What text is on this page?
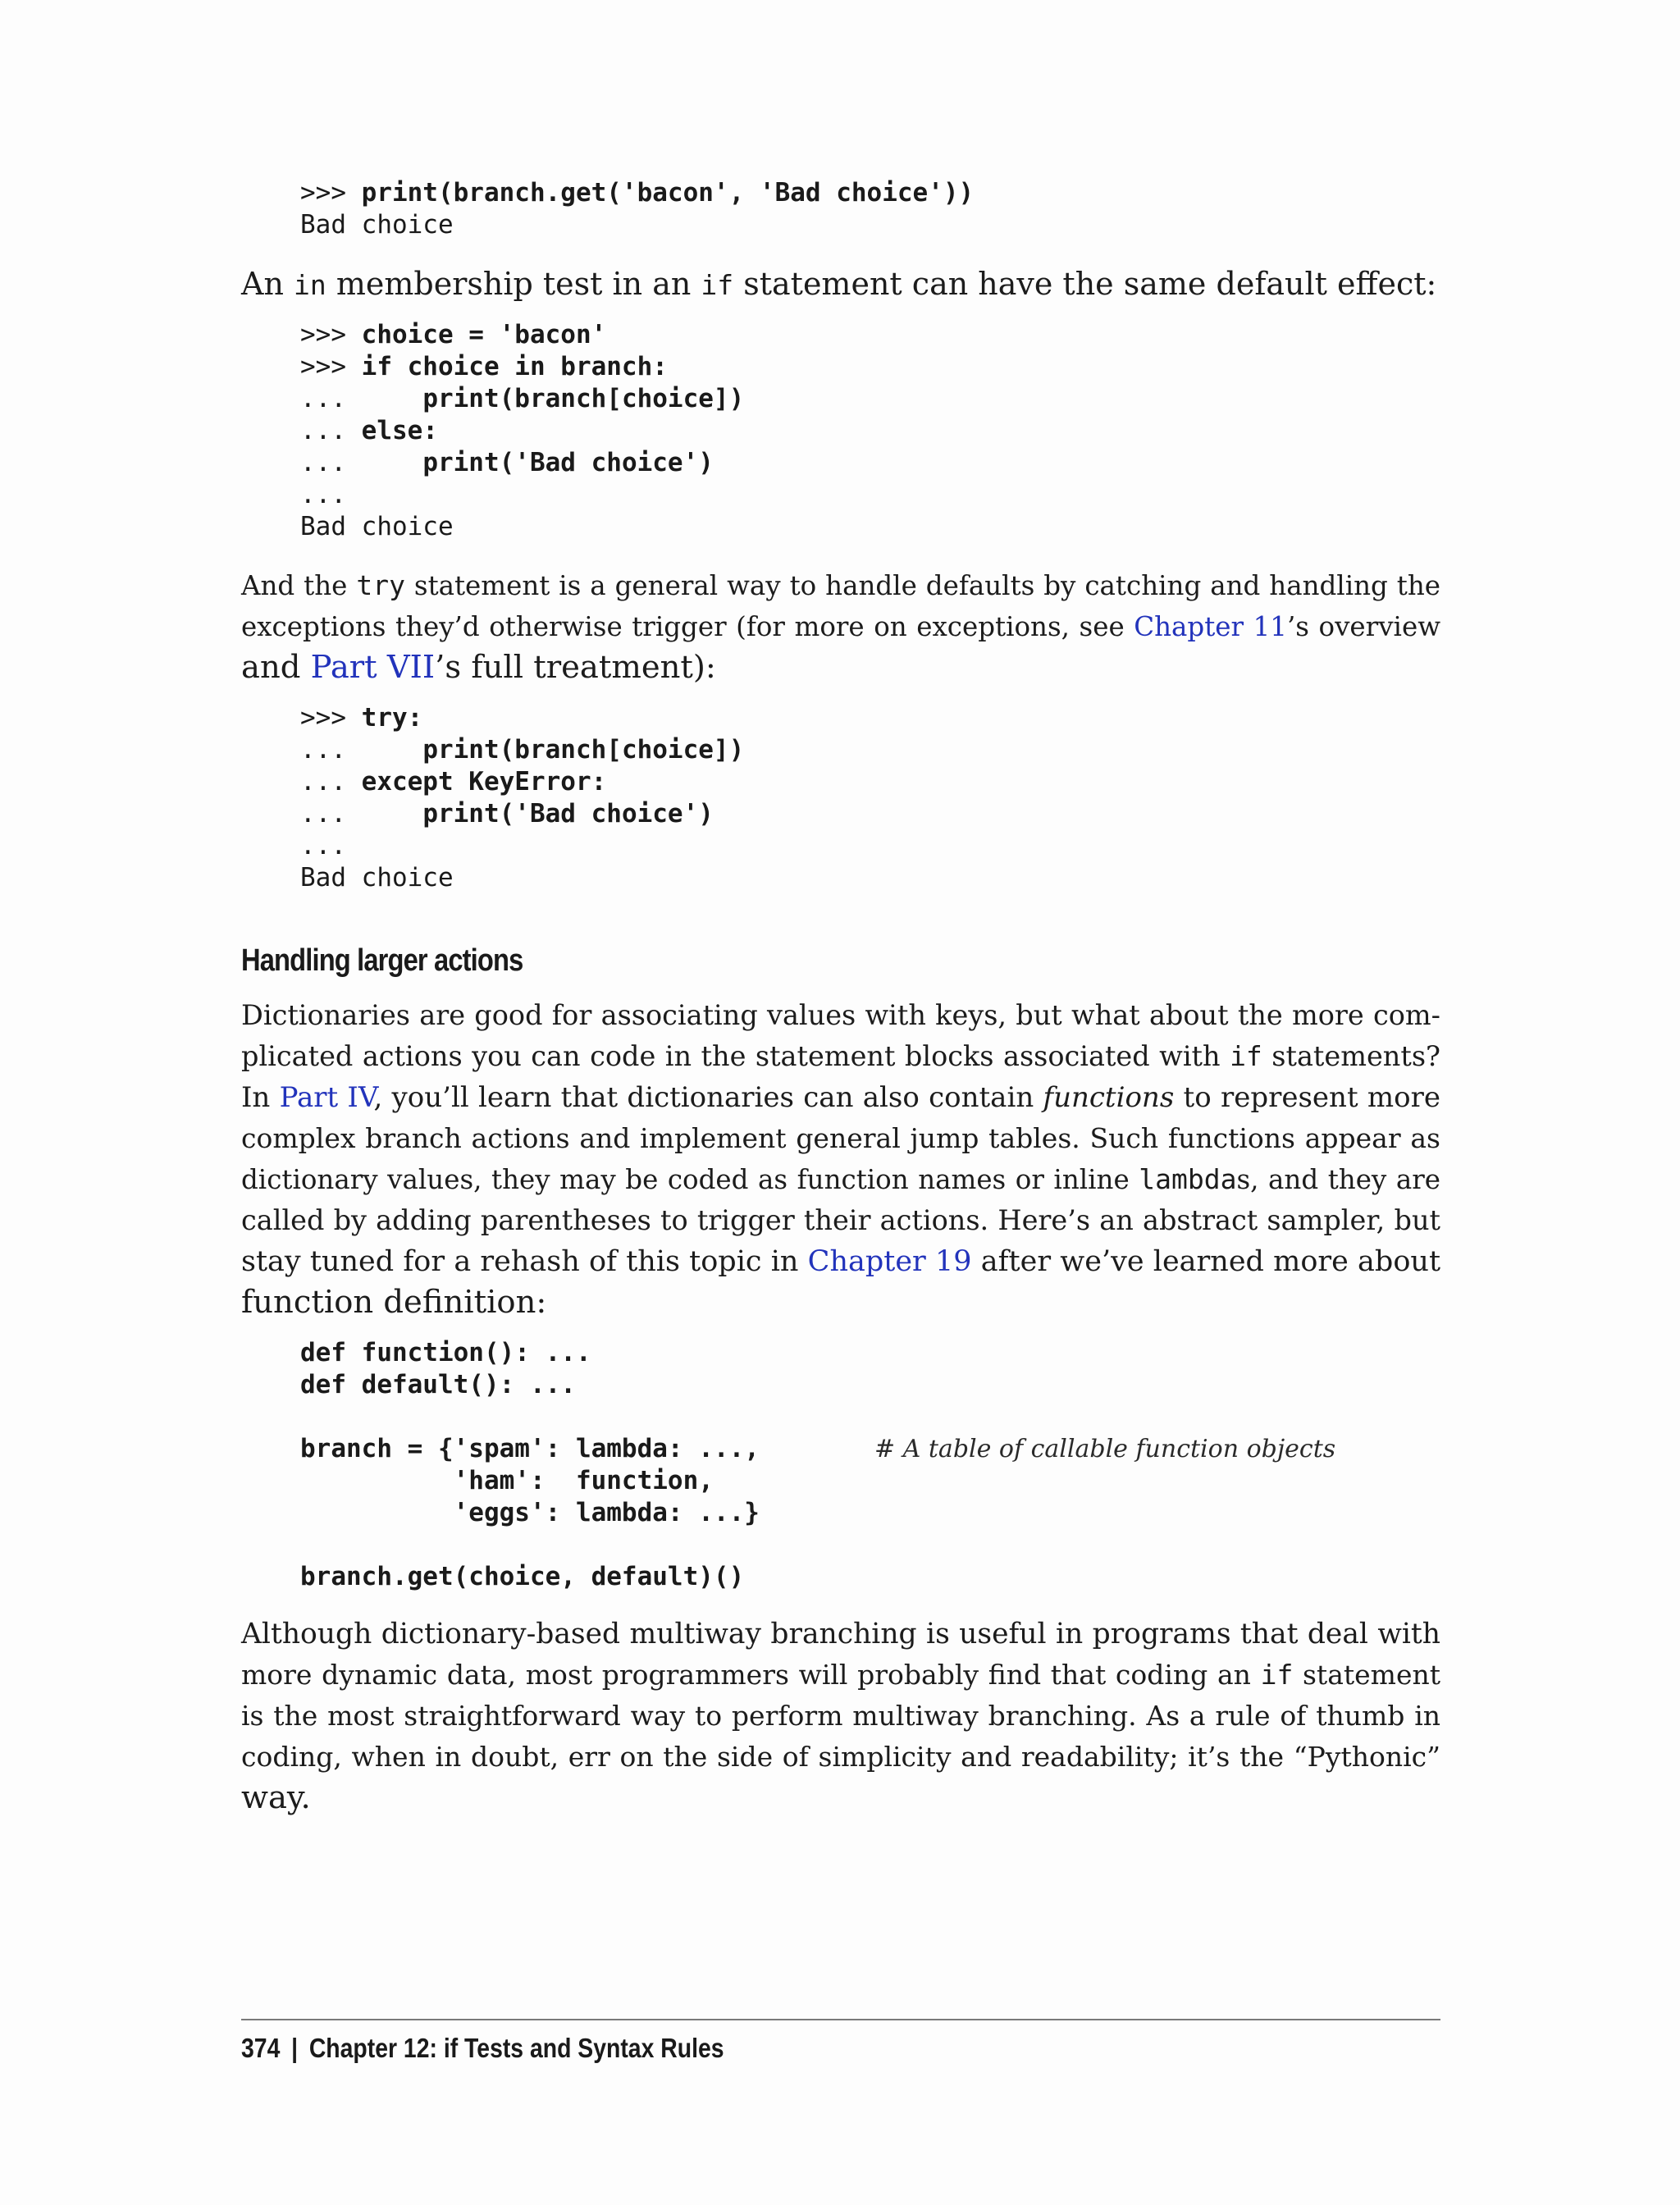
>>> print(branch.get('bacon', 'Bad choice'))
Bad choice

An in membership test in an if statement can have the same default effect:

>>> choice = 'bacon'
>>> if choice in branch:
...     print(branch[choice])
... else:
...     print('Bad choice')
...
Bad choice

And the try statement is a general way to handle defaults by catching and handling the
exceptions they’d otherwise trigger (for more on exceptions, see Chapter 11’s overview
and Part VII’s full treatment):

>>> try:
...     print(branch[choice])
... except KeyError:
...     print('Bad choice')
...
Bad choice
Handling larger actions

Dictionaries are good for associating values with keys, but what about the more com-
plicated actions you can code in the statement blocks associated with if statements?
In Part IV, you’ll learn that dictionaries can also contain functions to represent more
complex branch actions and implement general jump tables. Such functions appear as
dictionary values, they may be coded as function names or inline lambdas, and they are
called by adding parentheses to trigger their actions. Here’s an abstract sampler, but
stay tuned for a rehash of this topic in Chapter 19 after we’ve learned more about
function definition:

def function(): ...
def default(): ...
branch = {'spam': lambda: ...,
'ham':  function,
'eggs': lambda: ...}
branch.get(choice, default)()
# A table of callable function objects

Although dictionary-based multiway branching is useful in programs that deal with
more dynamic data, most programmers will probably find that coding an if statement
is the most straightforward way to perform multiway branching. As a rule of thumb in
coding, when in doubt, err on the side of simplicity and readability; it’s the “Pythonic”
way.

374 | Chapter 12: if Tests and Syntax Rules
